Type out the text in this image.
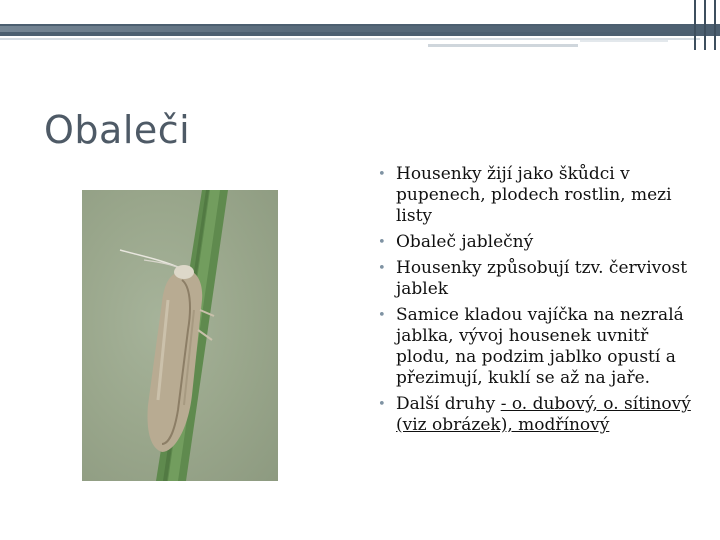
Obaleči
• Housenky žijí jako škůdci v pupenech, plodech rostlin, mezi listy
• Obaleč jablečný
• Housenky způsobují tzv. červivost jablek
• Samice kladou vajíčka na nezralá jablka, vývoj housenek uvnitř plodu, na podzim jablko opustí a přezimují, kuklí se až na jaře.
• Další druhy - o. dubový, o. sítinový (viz obrázek), modřínový
